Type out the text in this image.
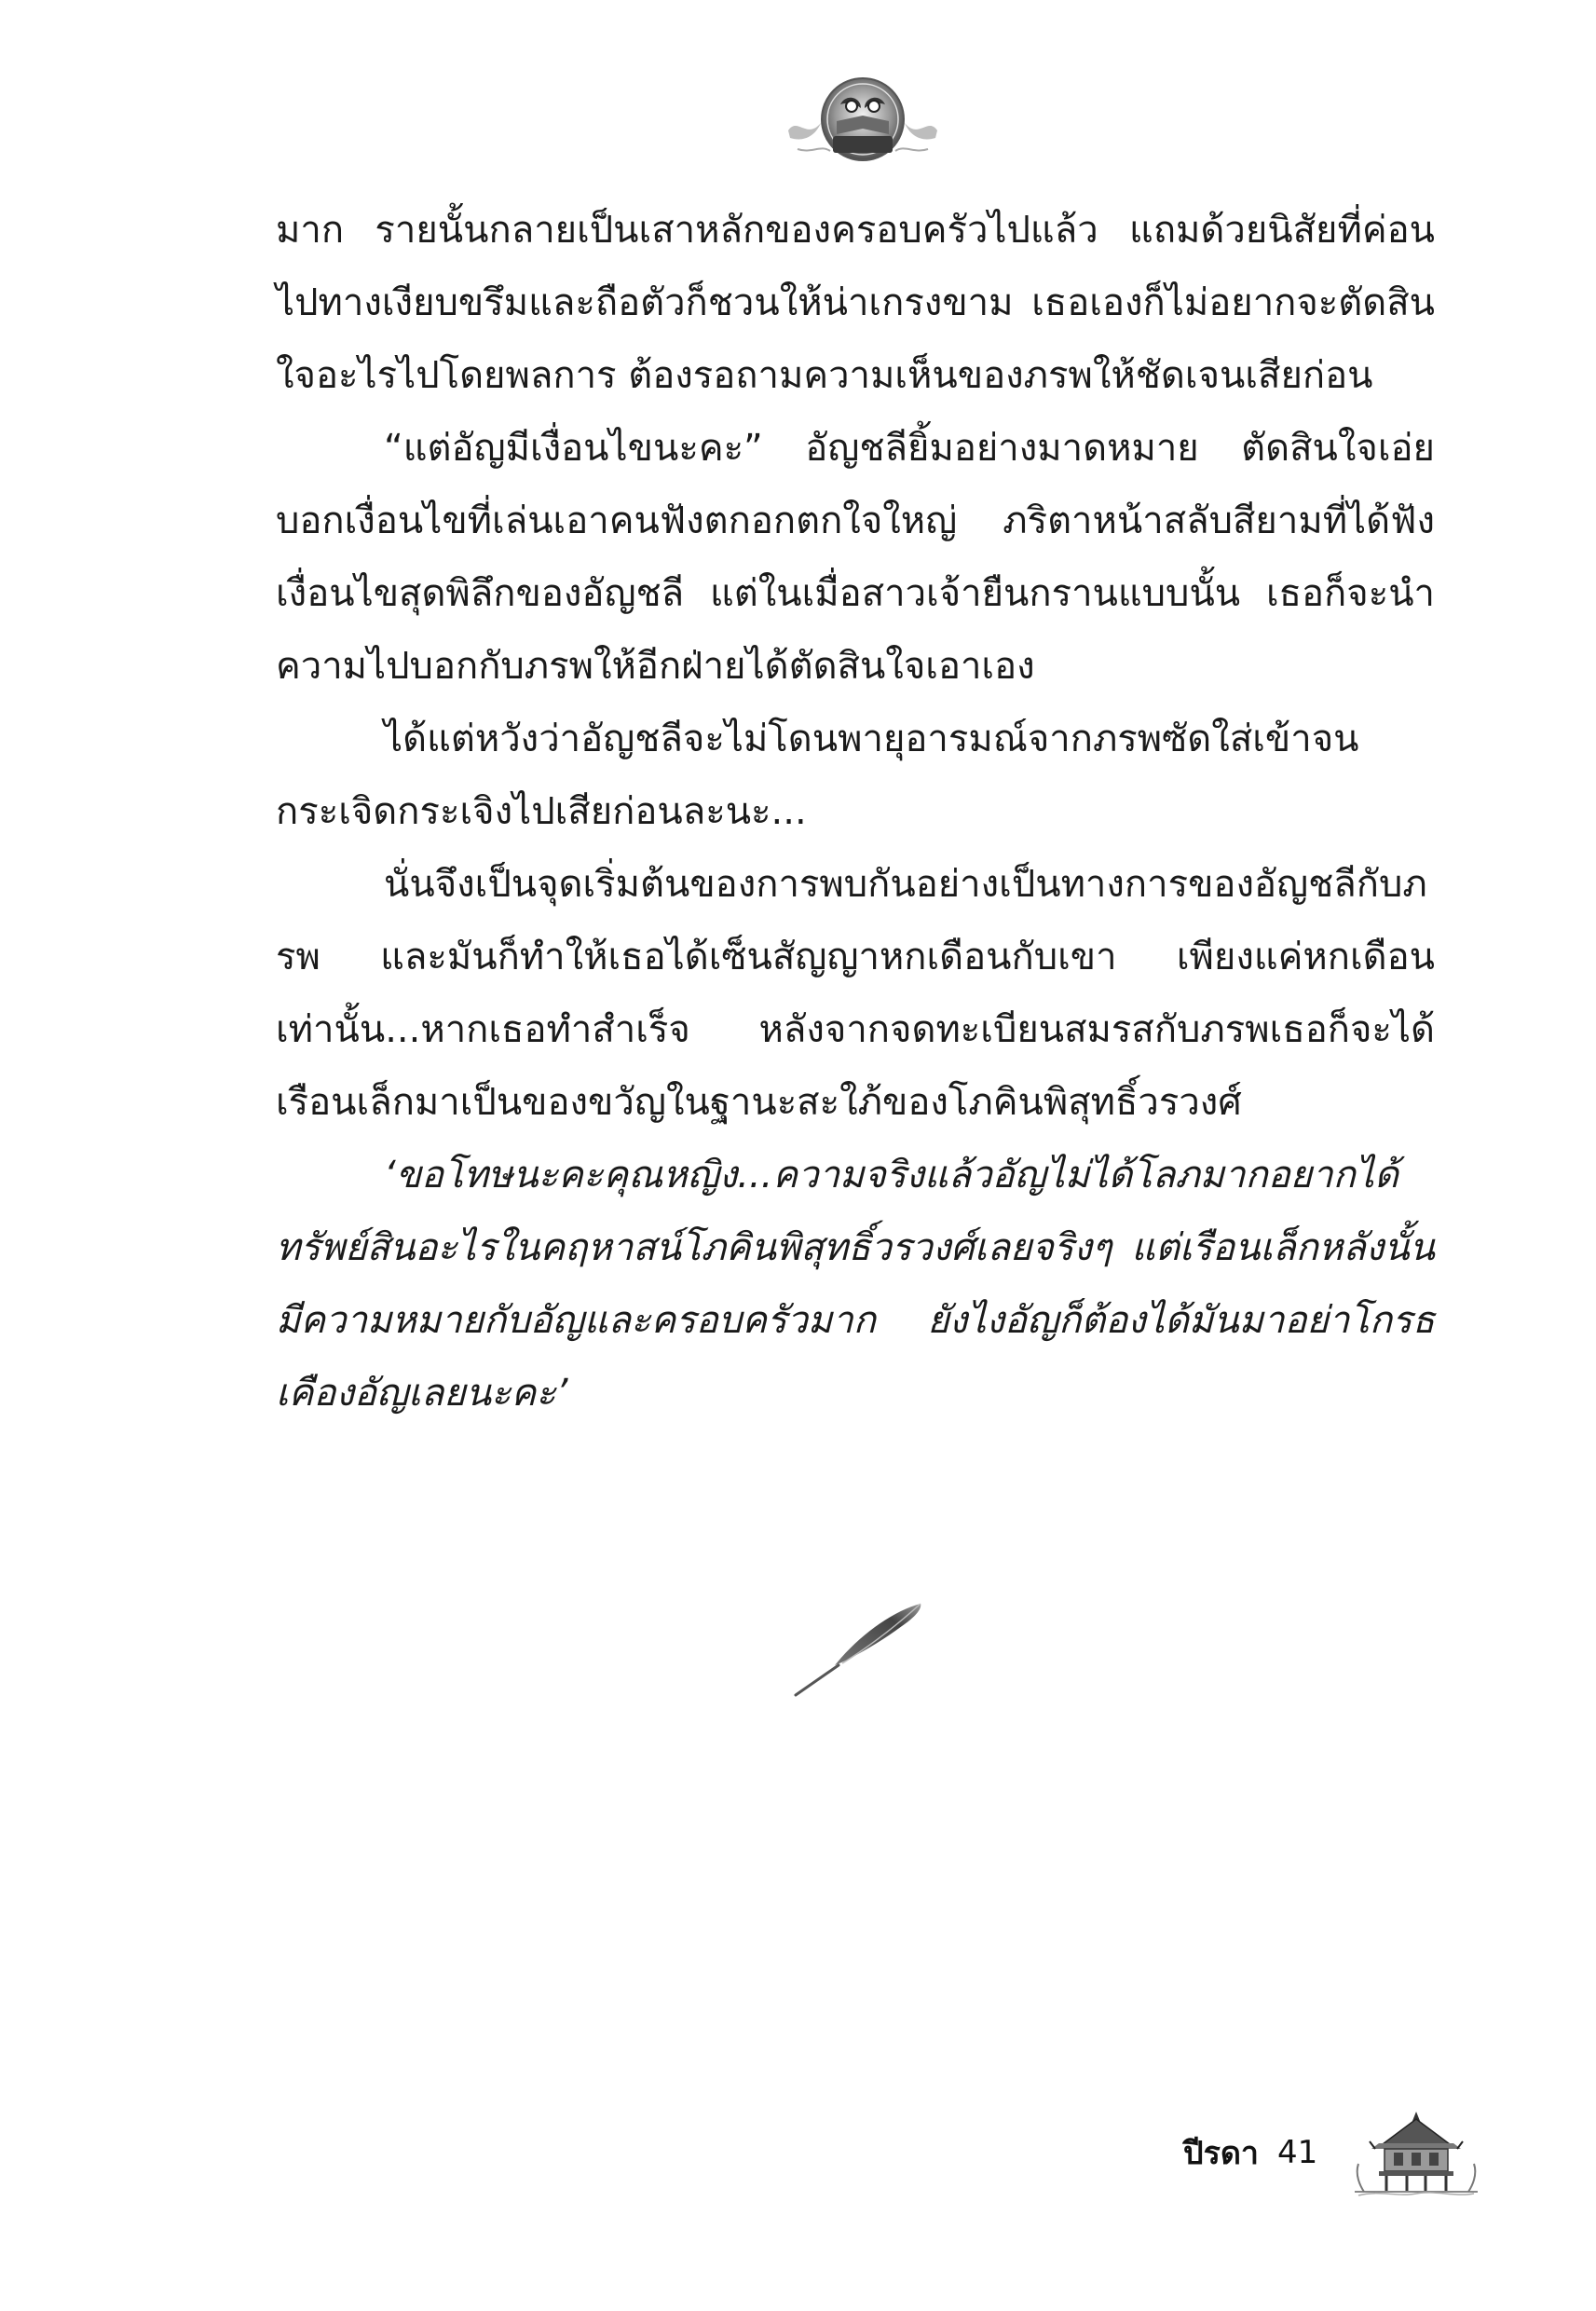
มาก รายนั้นกลายเป็นเสาหลักของครอบครัวไปแล้ว แถมด้วยนิสัยที่ค่อนไปทางเงียบขรึมและถือตัวก็ชวนให้น่าเกรงขาม เธอเองก็ไม่อยากจะตัดสินใจอะไรไปโดยพลการ ต้องรอถามความเห็นของภรพให้ชัดเจนเสียก่อน

“แต่อัญมีเงื่อนไขนะคะ” อัญชลียิ้มอย่างมาดหมาย ตัดสินใจเอ่ยบอกเงื่อนไขที่เล่นเอาคนฟังตกอกตกใจใหญ่ ภริตาหน้าสลับสียามที่ได้ฟังเงื่อนไขสุดพิลึกของอัญชลี แต่ในเมื่อสาวเจ้ายืนกรานแบบนั้น เธอก็จะนำความไปบอกกับภรพให้อีกฝ่ายได้ตัดสินใจเอาเอง

ได้แต่หวังว่าอัญชลีจะไม่โดนพายุอารมณ์จากภรพซัดใส่เข้าจนกระเจิดกระเจิงไปเสียก่อนละนะ...

นั่นจึงเป็นจุดเริ่มต้นของการพบกันอย่างเป็นทางการของอัญชลีกับภรพ และมันก็ทำให้เธอได้เซ็นสัญญาหกเดือนกับเขา เพียงแค่หกเดือนเท่านั้น...หากเธอทำสำเร็จ หลังจากจดทะเบียนสมรสกับภรพเธอก็จะได้เรือนเล็กมาเป็นของขวัญในฐานะสะใภ้ของโภคินพิสุทธิ์วรวงศ์

‘ขอโทษนะคะคุณหญิง...ความจริงแล้วอัญไม่ได้โลภมากอยากได้ทรัพย์สินอะไรในคฤหาสน์โภคินพิสุทธิ์วรวงศ์เลยจริงๆ แต่เรือนเล็กหลังนั้นมีความหมายกับอัญและครอบครัวมาก ยังไงอัญก็ต้องได้มันมาอย่าโกรธเคืองอัญเลยนะคะ’

ปีรดา 41
